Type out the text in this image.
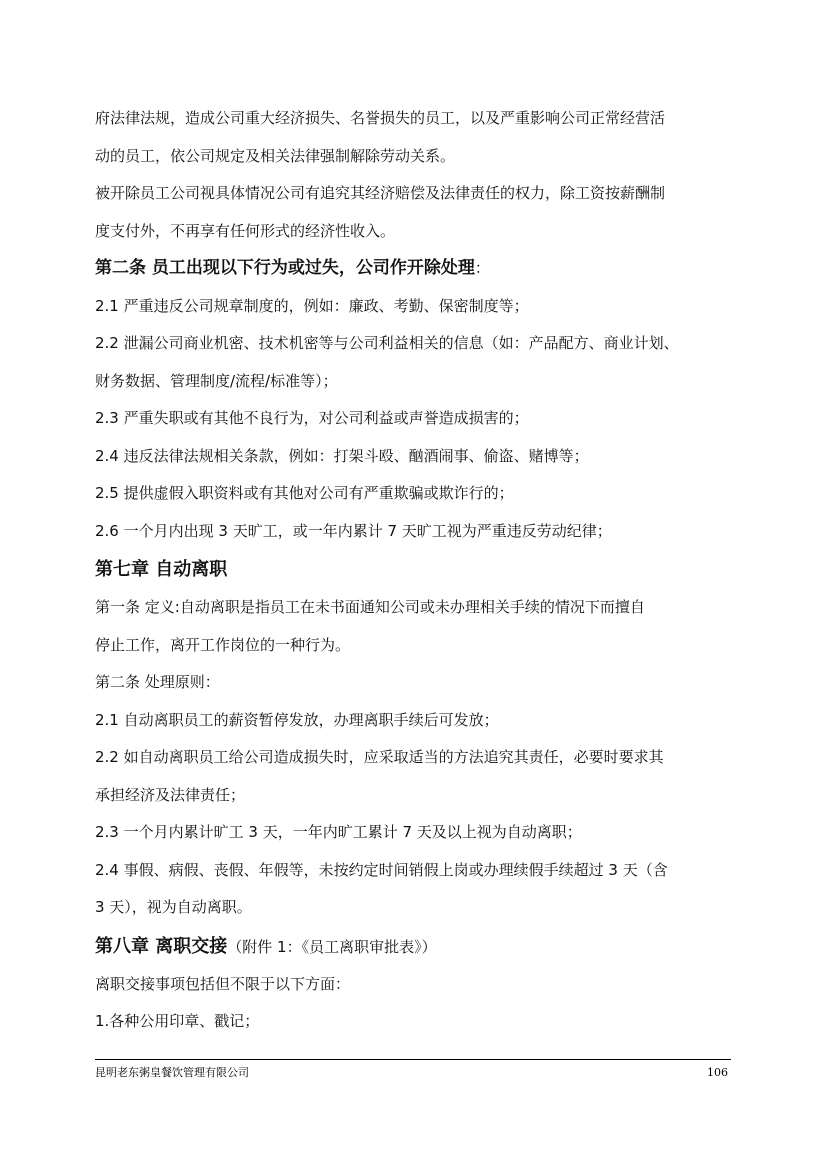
府法律法规，造成公司重大经济损失、名誉损失的员工，以及严重影响公司正常经营活
动的员工，依公司规定及相关法律强制解除劳动关系。
被开除员工公司视具体情况公司有追究其经济赔偿及法律责任的权力，除工资按薪酬制
度支付外，不再享有任何形式的经济性收入。
第二条 员工出现以下行为或过失，公司作开除处理：
2.1 严重违反公司规章制度的，例如：廉政、考勤、保密制度等；
2.2 泄漏公司商业机密、技术机密等与公司利益相关的信息（如：产品配方、商业计划、
财务数据、管理制度/流程/标准等）；
2.3 严重失职或有其他不良行为，对公司利益或声誉造成损害的；
2.4 违反法律法规相关条款，例如：打架斗殴、酗酒闹事、偷盗、赌博等；
2.5 提供虚假入职资料或有其他对公司有严重欺骗或欺诈行的；
2.6 一个月内出现 3 天旷工，或一年内累计 7 天旷工视为严重违反劳动纪律；
第七章 自动离职
第一条 定义:自动离职是指员工在未书面通知公司或未办理相关手续的情况下而擅自
停止工作，离开工作岗位的一种行为。
第二条 处理原则：
2.1 自动离职员工的薪资暂停发放，办理离职手续后可发放；
2.2 如自动离职员工给公司造成损失时，应采取适当的方法追究其责任，必要时要求其
承担经济及法律责任；
2.3 一个月内累计旷工 3 天，一年内旷工累计 7 天及以上视为自动离职；
2.4 事假、病假、丧假、年假等，未按约定时间销假上岗或办理续假手续超过 3 天（含
3 天），视为自动离职。
第八章 离职交接（附件 1：《员工离职审批表》）
离职交接事项包括但不限于以下方面：
1.各种公用印章、戳记；
昆明老东粥皇餐饮管理有限公司	106
